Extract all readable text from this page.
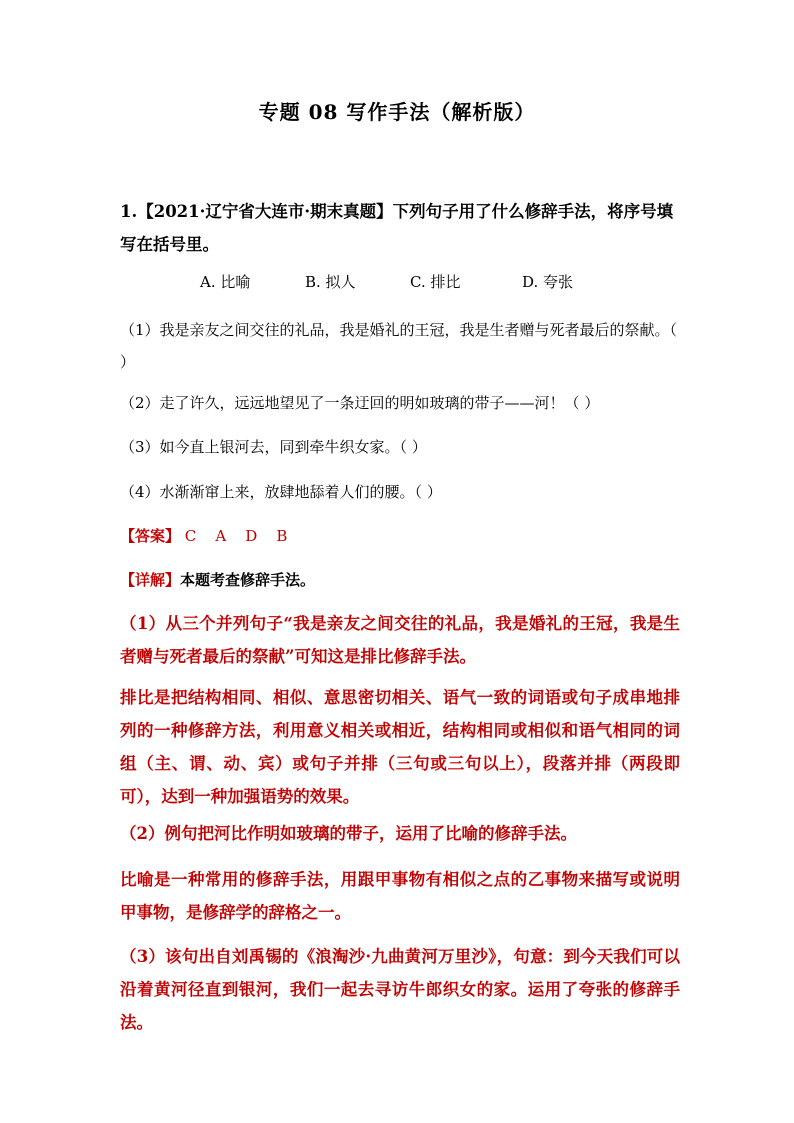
专题 08 写作手法（解析版）

1.【2021·辽宁省大连市·期末真题】下列句子用了什么修辞手法，将序号填写在括号里。

A. 比喻	B. 拟人	C. 排比	D. 夸张

（1）我是亲友之间交往的礼品，我是婚礼的王冠，我是生者赠与死者最后的祭献。（ ）

（2）走了许久，远远地望见了一条迂回的明如玻璃的带子——河！（ ）

（3）如今直上银河去，同到牵牛织女家。（ ）

（4）水渐渐窜上来，放肆地舔着人们的腰。（ ）

【答案】 C    A    D    B
【详解】本题考查修辞手法。

（1）从三个并列句子“我是亲友之间交往的礼品，我是婚礼的王冠，我是生者赠与死者最后的祭献”可知这是排比修辞手法。

排比是把结构相同、相似、意思密切相关、语气一致的词语或句子成串地排列的一种修辞方法，利用意义相关或相近，结构相同或相似和语气相同的词组（主、谓、动、宾）或句子并排（三句或三句以上），段落并排（两段即可），达到一种加强语势的效果。

（2）例句把河比作明如玻璃的带子，运用了比喻的修辞手法。

比喻是一种常用的修辞手法，用跟甲事物有相似之点的乙事物来描写或说明甲事物，是修辞学的辞格之一。

（3）该句出自刘禹锡的《浪淘沙·九曲黄河万里沙》，句意：到今天我们可以沿着黄河径直到银河，我们一起去寻访牛郎织女的家。运用了夸张的修辞手法。
